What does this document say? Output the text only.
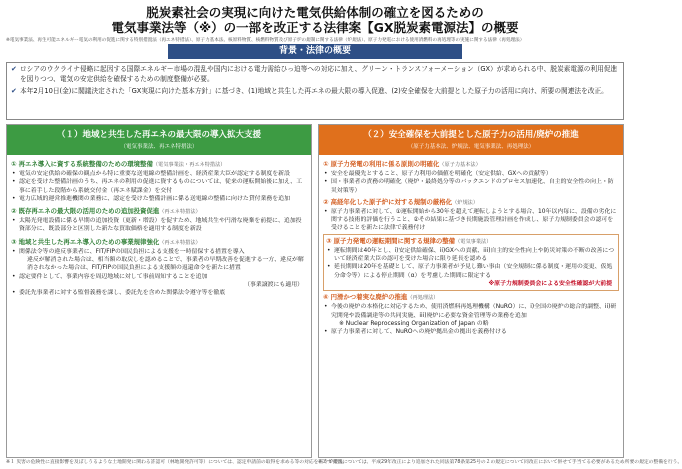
脱炭素社会の実現に向けた電気供給体制の確立を図るための
電気事業法等（※）の一部を改正する法律案【GX脱炭素電源法】の概要
※電気事業法、再生可能エネルギー電気の利用の促進に関する特別措置法（再エネ特措法）、原子力基本法、核原料物質、核燃料物質及び原子炉の規制に関する法律（炉規法）、原子力発電における使用済燃料の再処理等の実施に関する法律（再処理法）
背景・法律の概要
✔ ロシアのウクライナ侵略に起因する国際エネルギー市場の混乱や国内における電力需給ひっ迫等への対応に加え、グリーン・トランスフォーメーション（GX）が求められる中、脱炭素電源の利用促進を図りつつ、電気の安定供給を確保するための制度整備が必要。
✔ 本年2月10日(金)に閣議決定された「GX実現に向けた基本方針」に基づき、(1)地域と共生した再エネの最大限の導入促進、(2)安全確保を大前提とした原子力の活用に向け、所要の関連法を改正。
（１）地域と共生した再エネの最大限の導入拡大支援
（電気事業法、再エネ特措法）
① 再エネ導入に資する系統整備のための環境整備（電気事業法・再エネ特措法）
• 電気の安定供給の確保の観点から特に重要な送電線の整備計画を、経済産業大臣が認定する制度を新設
• 認定を受けた整備計画のうち、再エネの利用の促進に資するものについては、従来の運転開始後に加え、工事に着手した段階から系統交付金（再エネ賦課金）を交付
• 電力広域的運営推進機関の業務に、認定を受けた整備計画に係る送電線の整備に向けた貸付業務を追加
② 既存再エネの最大限の活用のための追加投資促進（再エネ特措法）
• 太陽光発電設備に係る早期の追加投資（更新・増設）を促すため、地域共生や円滑な廃棄を前提に、追加投資部分に、既設部分と区別した新たな買取価格を適用する制度を新設
③ 地域と共生した再エネ導入のための事業規律強化（再エネ特措法）
• 関係法令等の違反事業者に、FIT/FIPの国民負担による支援を一時留保する措置を導入
違反が解消された場合は、相当額の取戻しを認めることで、事業者の早期改善を促進する一方、違反が解消されなかった場合は、FIT/FIPの国民負担による支援額の返還命令を新たに措置
• 認定要件として、事業内容を周辺地域に対して事前周知することを追加
（事業譲渡にも適用）
• 委託先事業者に対する監督義務を課し、委託先を含めた関係法令遵守等を徹底
（２）安全確保を大前提とした原子力の活用/廃炉の推進
（原子力基本法、炉規法、電気事業法、再処理法）
① 原子力発電の利用に係る原則の明確化（原子力基本法）
• 安全を最優先とすること、原子力利用の価値を明確化（安定供給、GXへの貢献等）
• 国・事業者の責務の明確化（廃炉・最終処分等のバックエンドのプロセス加速化、自主的安全性の向上・防災対策等）
② 高経年化した原子炉に対する規制の厳格化（炉規法）
• 原子力事業者に対して、①運転開始から30年を超えて運転しようとする場合、10年以内毎に、設備の劣化に関する技術的評価を行うこと、②その結果に基づき長期施設管理計画を作成し、原子力規制委員会の認可を受けることを新たに法律で義務付け
③ 原子力発電の運転期間に関する規律の整備（電気事業法）
• 運転期間は40年とし、i)安定供給確保、ii)GXへの貢献、iii)自主的安全性向上や防災対策の不断の改善について経済産業大臣の認可を受けた場合に限り延長を認める
• 延長期間は20年を基礎として、原子力事業者が予見し難い事由（安全規制に係る制度・運用の変更、仮処分命令等）による停止期間（α）を考慮した期間に限定する
※原子力規制委員会による安全性確認が大前提
④ 円滑かつ着実な廃炉の推進（再処理法）
• 今後の廃炉の本格化に対応するため、使用済燃料再処理機構（NuRO）に、i)全国の廃炉の総合的調整、ii)研究開発や設備調達等の共同実施、iii)廃炉に必要な資金管理等の業務を追加
※ Nuclear Reprocessing Organization of Japan の略
• 原子力事業者に対して、NuROへの廃炉拠出金の拠出を義務付ける
※１ 災害の危険性に直接影響を及ぼしうるような土地開発に関わる許認可（林地開発許可等）については、認定申請前の取得を求める等の対応を省令で措置。
※２ 炉規法については、平成29年改正により追加された同法第78条第25号の２の規定について同改正において併せて手当てる必要があるため所要の規定の整備を行う。
